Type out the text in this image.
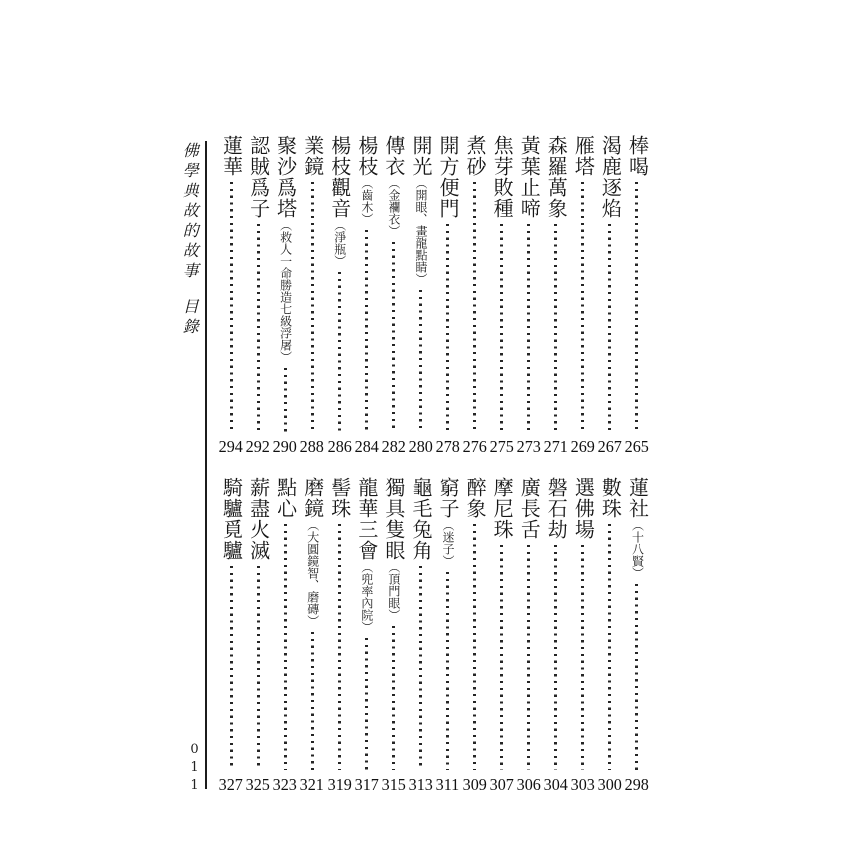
佛學典故的故事目錄
011
棒喝
265
渴鹿逐焰
267
雁塔
269
森羅萬象
271
黃葉止啼
273
焦芽敗種
275
煮砂
276
開方便門
278
開光（開眼、畫龍點睛）
280
傳衣（金襴衣）
282
楊枝（齒木）
284
楊枝觀音（淨瓶）
286
業鏡
288
聚沙爲塔（救人一命勝造七級浮屠）
290
認賊爲子
292
蓮華
294
蓮社（十八賢）
298
數珠
300
選佛場
303
磐石劫
304
廣長舌
306
摩尼珠
307
醉象
309
窮子（迷子）
311
龜毛兔角
313
獨具隻眼（頂門眼）
315
龍華三會（兜率內院）
317
髻珠
319
磨鏡（大圓鏡智、磨磚）
321
點心
323
薪盡火滅
325
騎驢覓驢
327
